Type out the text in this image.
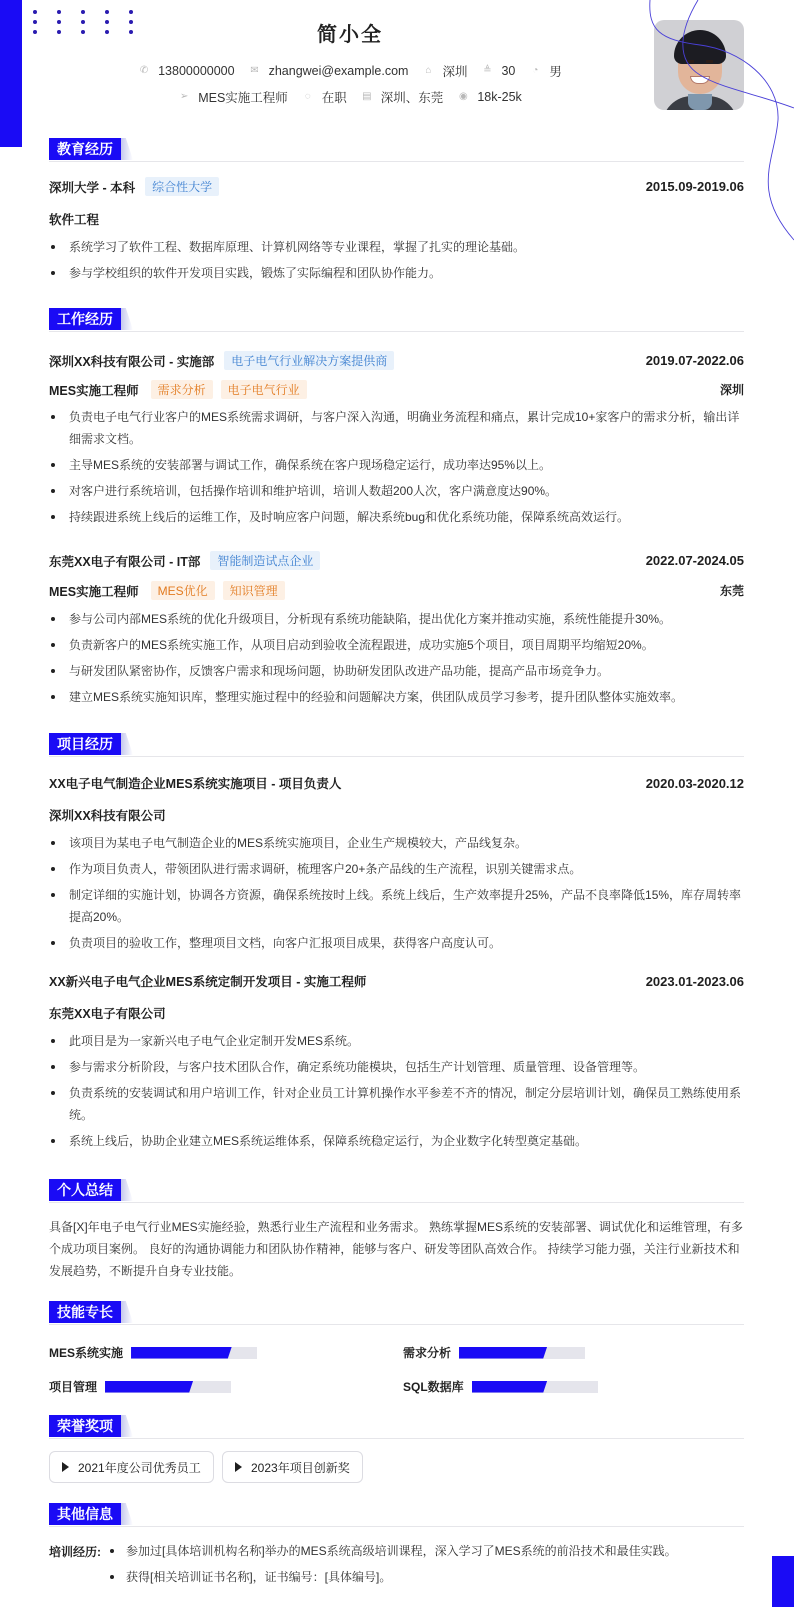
简小全
✆ 13800000000 ✉ zhangwei@example.com ⌂ 深圳 ≜ 30 ◔ 男
➢ MES实施工程师	◌ 在职 ▤ 深圳、东莞 ◉ 18k-25k
教育经历
深圳大学 - 本科	综合性大学	2015.09-2019.06
软件工程
系统学习了软件工程、数据库原理、计算机网络等专业课程，掌握了扎实的理论基础。
参与学校组织的软件开发项目实践，锻炼了实际编程和团队协作能力。
工作经历
深圳XX科技有限公司 - 实施部	电子电气行业解决方案提供商	2019.07-2022.06
MES实施工程师	需求分析	电子电气行业	深圳
负责电子电气行业客户的MES系统需求调研，与客户深入沟通，明确业务流程和痛点，累计完成10+家客户的需求分析，输出详细需求文档。
主导MES系统的安装部署与调试工作，确保系统在客户现场稳定运行，成功率达95%以上。
对客户进行系统培训，包括操作培训和维护培训，培训人数超200人次，客户满意度达90%。
持续跟进系统上线后的运维工作，及时响应客户问题，解决系统bug和优化系统功能，保障系统高效运行。
东莞XX电子有限公司 - IT部	智能制造试点企业	2022.07-2024.05
MES实施工程师	MES优化	知识管理	东莞
参与公司内部MES系统的优化升级项目，分析现有系统功能缺陷，提出优化方案并推动实施，系统性能提升30%。
负责新客户的MES系统实施工作，从项目启动到验收全流程跟进，成功实施5个项目，项目周期平均缩短20%。
与研发团队紧密协作，反馈客户需求和现场问题，协助研发团队改进产品功能，提高产品市场竞争力。
建立MES系统实施知识库，整理实施过程中的经验和问题解决方案，供团队成员学习参考，提升团队整体实施效率。
项目经历
XX电子电气制造企业MES系统实施项目 - 项目负责人	2020.03-2020.12
深圳XX科技有限公司
该项目为某电子电气制造企业的MES系统实施项目，企业生产规模较大，产品线复杂。
作为项目负责人，带领团队进行需求调研，梳理客户20+条产品线的生产流程，识别关键需求点。
制定详细的实施计划，协调各方资源，确保系统按时上线。系统上线后，生产效率提升25%，产品不良率降低15%，库存周转率提高20%。
负责项目的验收工作，整理项目文档，向客户汇报项目成果，获得客户高度认可。
XX新兴电子电气企业MES系统定制开发项目 - 实施工程师	2023.01-2023.06
东莞XX电子有限公司
此项目是为一家新兴电子电气企业定制开发MES系统。
参与需求分析阶段，与客户技术团队合作，确定系统功能模块，包括生产计划管理、质量管理、设备管理等。
负责系统的安装调试和用户培训工作，针对企业员工计算机操作水平参差不齐的情况，制定分层培训计划，确保员工熟练使用系统。
系统上线后，协助企业建立MES系统运维体系，保障系统稳定运行，为企业数字化转型奠定基础。
个人总结
具备[X]年电子电气行业MES实施经验，熟悉行业生产流程和业务需求。 熟练掌握MES系统的安装部署、调试优化和运维管理，有多个成功项目案例。 良好的沟通协调能力和团队协作精神，能够与客户、研发等团队高效合作。 持续学习能力强，关注行业新技术和发展趋势，不断提升自身专业技能。
技能专长
MES系统实施	需求分析
项目管理	SQL数据库
荣誉奖项
2021年度公司优秀员工	2023年项目创新奖
其他信息
培训经历:	参加过[具体培训机构名称]举办的MES系统高级培训课程，深入学习了MES系统的前沿技术和最佳实践。
获得[相关培训证书名称]，证书编号：[具体编号]。
